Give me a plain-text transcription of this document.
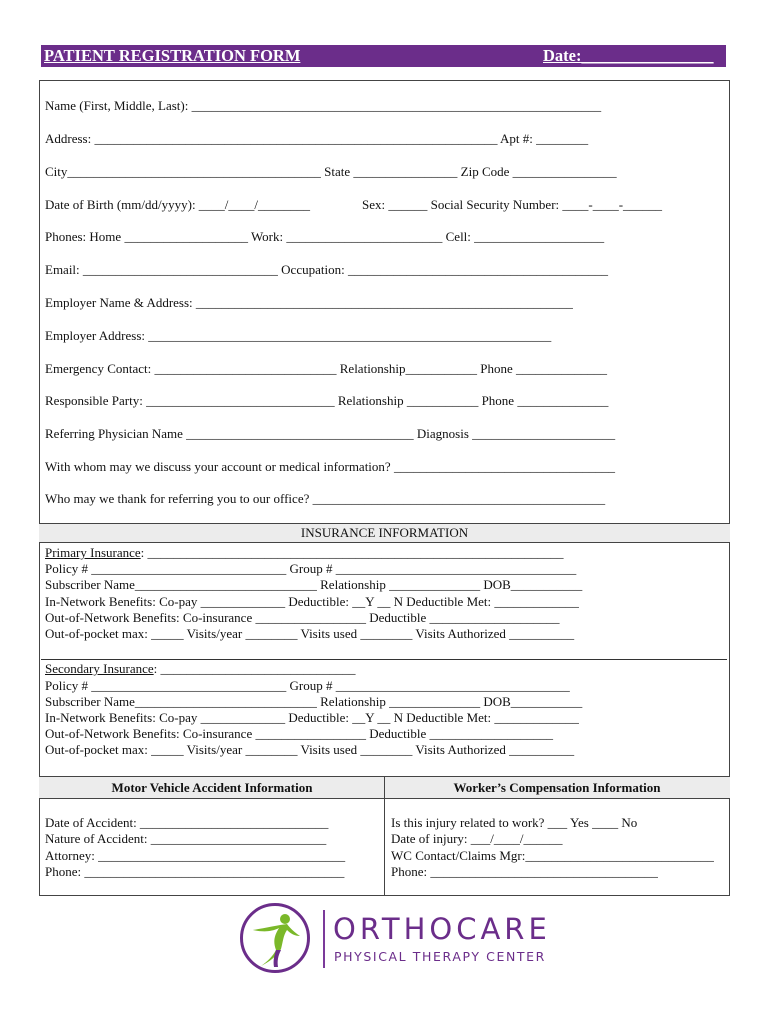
PATIENT REGISTRATION FORM	Date:________________
Name (First, Middle, Last): _______________________________________________________________
Address: ______________________________________________________________ Apt #: ________
City_______________________________________ State ________________ Zip Code ________________
Date of Birth (mm/dd/yyyy): ____/____/________	Sex: ______ Social Security Number: ____-____-______
Phones: Home ___________________ Work: ________________________ Cell: ____________________
Email: ______________________________ Occupation: ________________________________________
Employer Name & Address: __________________________________________________________
Employer Address: ______________________________________________________________
Emergency Contact: ____________________________ Relationship___________ Phone ______________
Responsible Party: _____________________________ Relationship ___________ Phone ______________
Referring Physician Name ___________________________________ Diagnosis ______________________
With whom may we discuss your account or medical information? __________________________________
Who may we thank for referring you to our office? _____________________________________________
INSURANCE INFORMATION
Primary Insurance: ________________________________________________________________
Policy # ______________________________ Group # _____________________________________
Subscriber Name____________________________ Relationship ______________ DOB___________
In-Network Benefits: Co-pay _____________ Deductible: __Y __ N Deductible Met: _____________
Out-of-Network Benefits: Co-insurance _________________ Deductible ____________________
Out-of-pocket max: _____ Visits/year ________ Visits used ________ Visits Authorized __________
Secondary Insurance: ______________________________
Policy # ______________________________ Group # ____________________________________
Subscriber Name____________________________ Relationship ______________ DOB___________
In-Network Benefits: Co-pay _____________ Deductible: __Y __ N Deductible Met: _____________
Out-of-Network Benefits: Co-insurance _________________ Deductible ___________________
Out-of-pocket max: _____ Visits/year ________ Visits used ________ Visits Authorized __________
Motor Vehicle Accident Information	Worker’s Compensation Information
Date of Accident: _____________________________
Nature of Accident: ___________________________
Attorney: ______________________________________
Phone: ________________________________________
Is this injury related to work? ___ Yes ____ No
Date of injury: ___/____/______
WC Contact/Claims Mgr:_____________________________
Phone: ___________________________________
ORTHOCARE
PHYSICAL THERAPY CENTER
